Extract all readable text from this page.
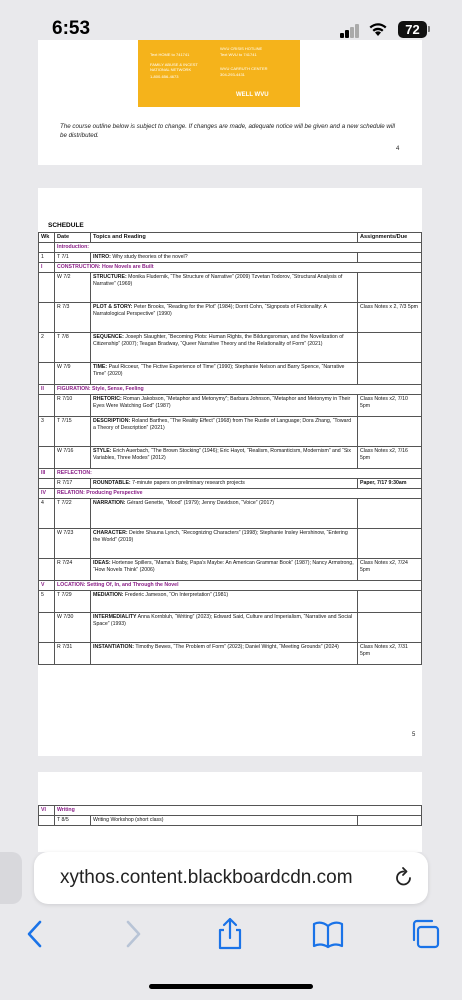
6:53	72
Text HOME to 741741
FAMILY ABUSE & INCEST NATIONAL NETWORK
1-800-656-4673
WVU CRISIS HOTLINE
Text WVU to 741741
WVU CARRUTH CENTER
304-293-4431
WELL WVU

The course outline below is subject to change. If changes are made, adequate notice will be given and a new schedule will be distributed.

4
SCHEDULE
Wk	Date	Topics and Reading	Assignments/Due
	Introduction:		
1	T 7/1	INTRO: Why study theories of the novel?	
I	CONSTRUCTION: How Novels are Built		
	W 7/2	STRUCTURE: Monika Fludernik, “The Structure of Narrative” (2009) Tzvetan Todorov, “Structural Analysis of Narrative” (1969)	
	R 7/3	PLOT & STORY: Peter Brooks, “Reading for the Plot” (1984); Dorrit Cohn, “Signposts of Fictionality: A Narratological Perspective” (1990)	Class Notes x 2, 7/3 5pm
2	T 7/8	SEQUENCE: Joseph Slaughter, “Becoming Plots: Human Rights, the Bildungsroman, and the Novelization of Citizenship” (2007); Teagan Bradway, “Queer Narrative Theory and the Relationality of Form” (2021)	
	W 7/9	TIME: Paul Ricoeur, “The Fictive Experience of Time” (1990); Stephanie Nelson and Barry Spence, “Narrative Time” (2020)	
II	FIGURATION: Style, Sense, Feeling		
	R 7/10	RHETORIC: Roman Jakobson, “Metaphor and Metonymy”; Barbara Johnson, “Metaphor and Metonymy in Their Eyes Were Watching God” (1987)	Class Notes x2, 7/10 5pm
3	T 7/15	DESCRIPTION: Roland Barthes, “The Reality Effect” (1968) from The Rustle of Language; Dora Zhang, “Toward a Theory of Description” (2021)	
	W 7/16	STYLE: Erich Auerbach, “The Brown Stocking” (1946); Eric Hayot, “Realism, Romanticism, Modernism” and “Six Variables, Three Modes” (2012)	Class Notes x2, 7/16 5pm
III	REFLECTION:		
	R 7/17	ROUNDTABLE: 7-minute papers on preliminary research projects	Paper, 7/17 9:30am
IV	RELATION: Producing Perspective		
4	T 7/22	NARRATION: Gérard Genette, “Mood” (1979); Jenny Davidson, “Voice” (2017)	
	W 7/23	CHARACTER: Deidre Shauna Lynch, “Recognizing Characters” (1998); Stephanie Insley Hershinow, “Entering the World” (2019)	
	R 7/24	IDEAS: Hortense Spillers, “Mama’s Baby, Papa’s Maybe: An American Grammar Book” (1987); Nancy Armstrong, “How Novels Think” (2006)	Class Notes x2, 7/24 5pm
V	LOCATION: Setting Of, In, and Through the Novel		
5	T 7/29	MEDIATION: Frederic Jameson, “On Interpretation” (1981)	
	W 7/30	INTERMEDIALITY Anna Kornbluh, “Writing” (2023); Edward Said, Culture and Imperialism, “Narrative and Social Space” (1993)	
	R 7/31	INSTANTIATION: Timothy Bewes, “The Problem of Form” (2023); Daniel Wright, “Meeting Grounds” (2024)	Class Notes x2, 7/31 5pm
5
VI	Writing		
	T 8/5	Writing Workshop (short class)	
xythos.content.blackboardcdn.com
